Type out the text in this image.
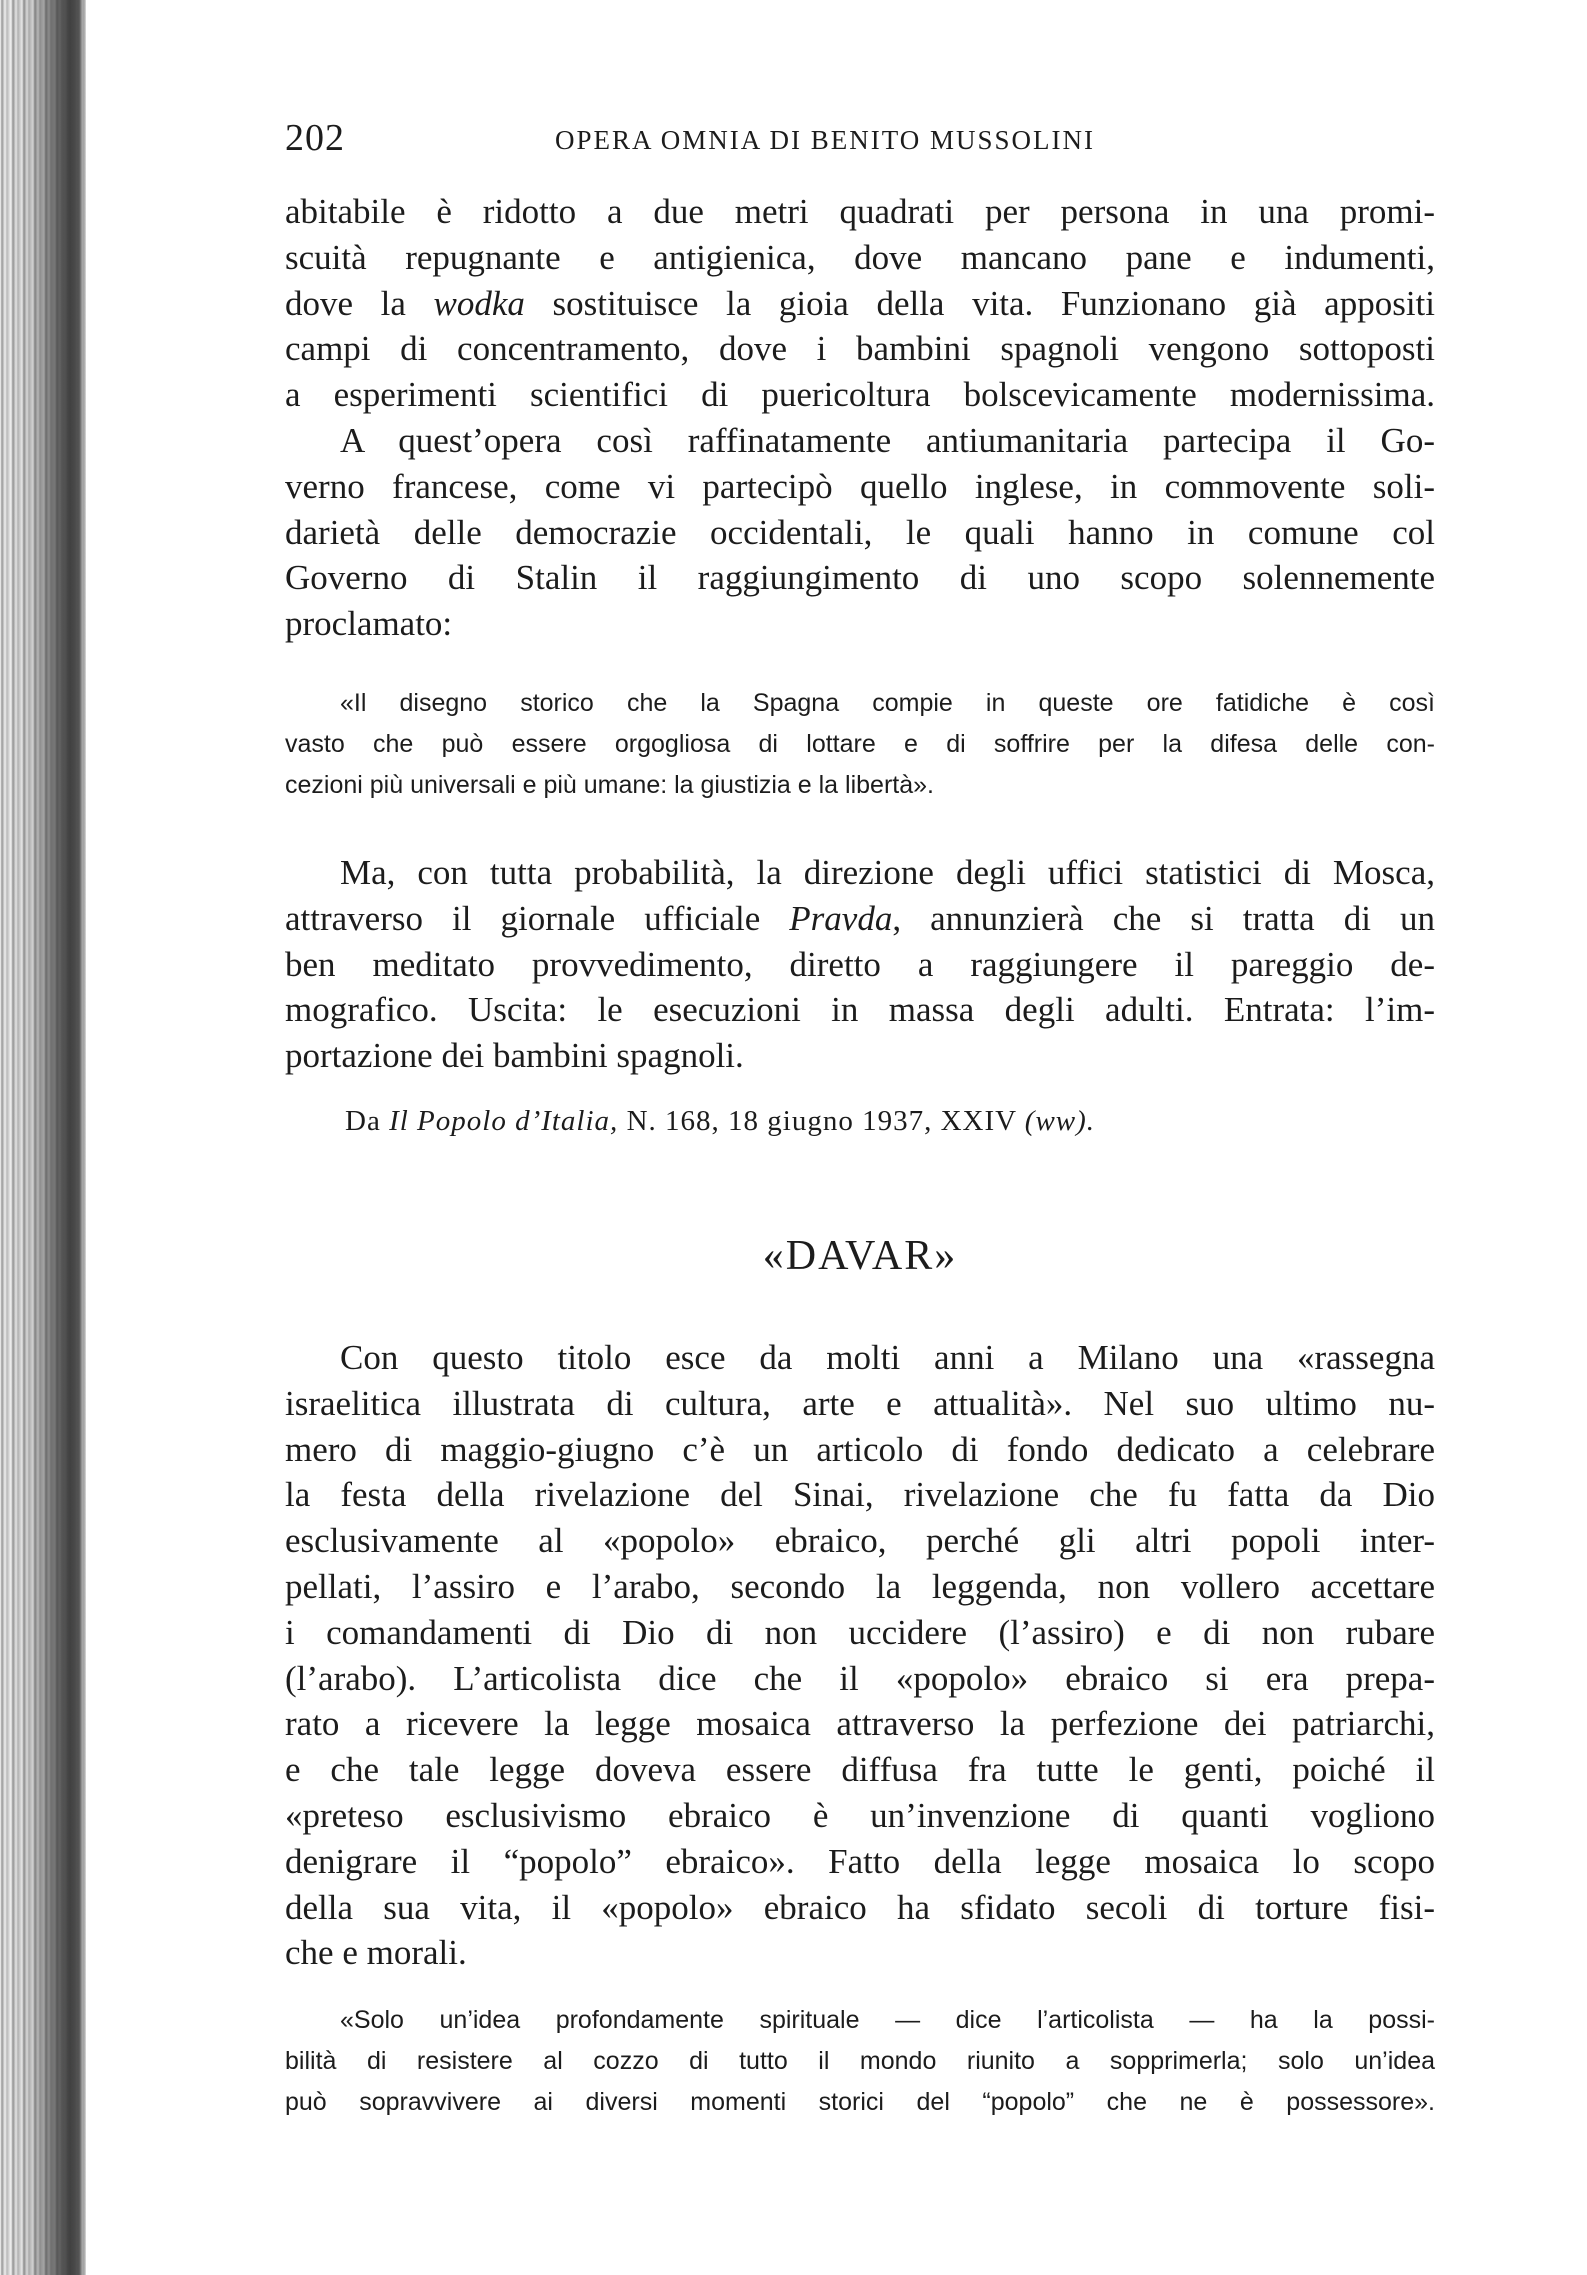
202	OPERA OMNIA DI BENITO MUSSOLINI
abitabile è ridotto a due metri quadrati per persona in una promi-
scuità repugnante e antigienica, dove mancano pane e indumenti,
dove la wodka sostituisce la gioia della vita. Funzionano già appositi
campi di concentramento, dove i bambini spagnoli vengono sottoposti
a esperimenti scientifici di puericoltura bolscevicamente modernissima.
A quest’opera così raffinatamente antiumanitaria partecipa il Go-
verno francese, come vi partecipò quello inglese, in commovente soli-
darietà delle democrazie occidentali, le quali hanno in comune col
Governo di Stalin il raggiungimento di uno scopo solennemente
proclamato:
«Il disegno storico che la Spagna compie in queste ore fatidiche è così
vasto che può essere orgogliosa di lottare e di soffrire per la difesa delle con-
cezioni più universali e più umane: la giustizia e la libertà».
Ma, con tutta probabilità, la direzione degli uffici statistici di Mosca,
attraverso il giornale ufficiale Pravda, annunzierà che si tratta di un
ben meditato provvedimento, diretto a raggiungere il pareggio de-
mografico. Uscita: le esecuzioni in massa degli adulti. Entrata: l’im-
portazione dei bambini spagnoli.
Da Il Popolo d’Italia, N. 168, 18 giugno 1937, XXIV (ww).
«DAVAR»
Con questo titolo esce da molti anni a Milano una «rassegna
israelitica illustrata di cultura, arte e attualità». Nel suo ultimo nu-
mero di maggio-giugno c’è un articolo di fondo dedicato a celebrare
la festa della rivelazione del Sinai, rivelazione che fu fatta da Dio
esclusivamente al «popolo» ebraico, perché gli altri popoli inter-
pellati, l’assiro e l’arabo, secondo la leggenda, non vollero accettare
i comandamenti di Dio di non uccidere (l’assiro) e di non rubare
(l’arabo). L’articolista dice che il «popolo» ebraico si era prepa-
rato a ricevere la legge mosaica attraverso la perfezione dei patriarchi,
e che tale legge doveva essere diffusa fra tutte le genti, poiché il
«preteso esclusivismo ebraico è un’invenzione di quanti vogliono
denigrare il “popolo” ebraico». Fatto della legge mosaica lo scopo
della sua vita, il «popolo» ebraico ha sfidato secoli di torture fisi-
che e morali.
«Solo un’idea profondamente spirituale — dice l’articolista — ha la possi-
bilità di resistere al cozzo di tutto il mondo riunito a sopprimerla; solo un’idea
può sopravvivere ai diversi momenti storici del “popolo” che ne è possessore».
